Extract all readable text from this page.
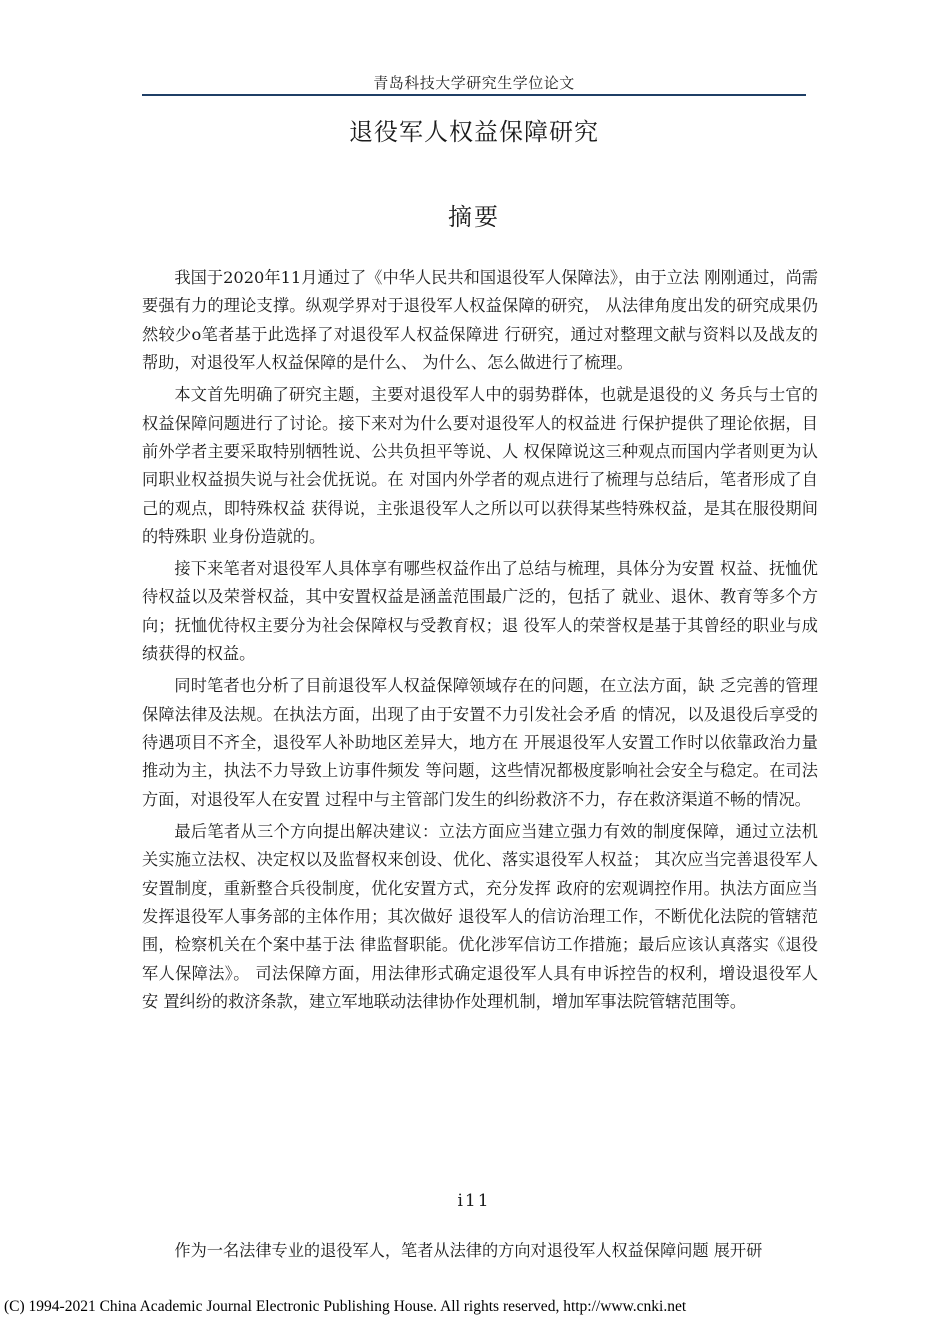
青岛科技大学研究生学位论文
退役军人权益保障研究
摘要

我国于2020年11月通过了《中华人民共和国退役军人保障法》，由于立法 刚刚通过，尚需要强有力的理论支撑。纵观学界对于退役军人权益保障的研究， 从法律角度出发的研究成果仍然较少o笔者基于此选择了对退役军人权益保障进 行研究，通过对整理文献与资料以及战友的帮助，对退役军人权益保障的是什么、 为什么、怎么做进行了梳理。

本文首先明确了研究主题，主要对退役军人中的弱势群体，也就是退役的义 务兵与士官的权益保障问题进行了讨论。接下来对为什么要对退役军人的权益进 行保护提供了理论依据，目前外学者主要采取特别牺牲说、公共负担平等说、人 权保障说这三种观点而国内学者则更为认同职业权益损失说与社会优抚说。在 对国内外学者的观点进行了梳理与总结后，笔者形成了自己的观点，即特殊权益 获得说，主张退役军人之所以可以获得某些特殊权益，是其在服役期间的特殊职 业身份造就的。

接下来笔者对退役军人具体享有哪些权益作出了总结与梳理，具体分为安置 权益、抚恤优待权益以及荣誉权益，其中安置权益是涵盖范围最广泛的，包括了 就业、退休、教育等多个方向；抚恤优待权主要分为社会保障权与受教育权；退 役军人的荣誉权是基于其曾经的职业与成绩获得的权益。

同时笔者也分析了目前退役军人权益保障领域存在的问题，在立法方面，缺 乏完善的管理保障法律及法规。在执法方面，出现了由于安置不力引发社会矛盾 的情况，以及退役后享受的待遇项目不齐全，退役军人补助地区差异大，地方在 开展退役军人安置工作时以依靠政治力量推动为主，执法不力导致上访事件频发 等问题，这些情况都极度影响社会安全与稳定。在司法方面，对退役军人在安置 过程中与主管部门发生的纠纷救济不力，存在救济渠道不畅的情况。

最后笔者从三个方向提出解决建议：立法方面应当建立强力有效的制度保障，通过立法机关实施立法权、决定权以及监督权来创设、优化、落实退役军人权益； 其次应当完善退役军人安置制度，重新整合兵役制度，优化安置方式，充分发挥 政府的宏观调控作用。执法方面应当发挥退役军人事务部的主体作用；其次做好 退役军人的信访治理工作，不断优化法院的管辖范围，检察机关在个案中基于法 律监督职能。优化涉军信访工作措施；最后应该认真落实《退役军人保障法》。 司法保障方面，用法律形式确定退役军人具有申诉控告的权利，增设退役军人安 置纠纷的救济条款，建立军地联动法律协作处理机制，增加军事法院管辖范围等。

i11

作为一名法律专业的退役军人，笔者从法律的方向对退役军人权益保障问题 展开研

(C) 1994-2021 China Academic Journal Electronic Publishing House. All rights reserved, http://www.cnki.net
